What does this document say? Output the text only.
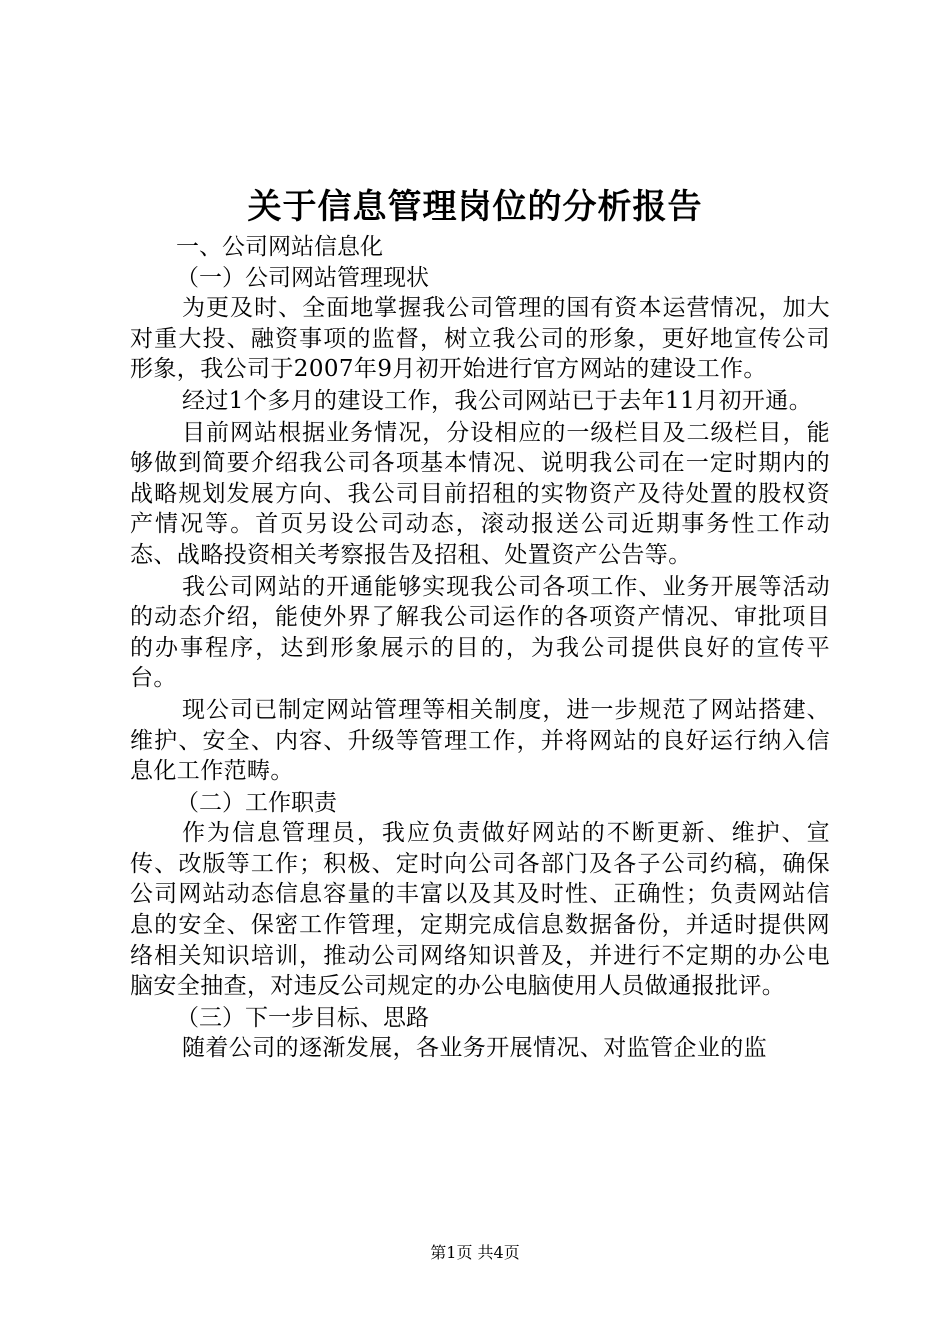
关于信息管理岗位的分析报告

一、公司网站信息化

（一）公司网站管理现状

为更及时、全面地掌握我公司管理的国有资本运营情况，加大对重大投、融资事项的监督，树立我公司的形象，更好地宣传公司形象，我公司于2007年9月初开始进行官方网站的建设工作。

经过1个多月的建设工作，我公司网站已于去年11月初开通。

目前网站根据业务情况，分设相应的一级栏目及二级栏目，能够做到简要介绍我公司各项基本情况、说明我公司在一定时期内的战略规划发展方向、我公司目前招租的实物资产及待处置的股权资产情况等。首页另设公司动态，滚动报送公司近期事务性工作动态、战略投资相关考察报告及招租、处置资产公告等。

我公司网站的开通能够实现我公司各项工作、业务开展等活动的动态介绍，能使外界了解我公司运作的各项资产情况、审批项目的办事程序，达到形象展示的目的，为我公司提供良好的宣传平台。

现公司已制定网站管理等相关制度，进一步规范了网站搭建、维护、安全、内容、升级等管理工作，并将网站的良好运行纳入信息化工作范畴。

（二）工作职责

作为信息管理员，我应负责做好网站的不断更新、维护、宣传、改版等工作；积极、定时向公司各部门及各子公司约稿，确保公司网站动态信息容量的丰富以及其及时性、正确性；负责网站信息的安全、保密工作管理，定期完成信息数据备份，并适时提供网络相关知识培训，推动公司网络知识普及，并进行不定期的办公电脑安全抽查，对违反公司规定的办公电脑使用人员做通报批评。

（三）下一步目标、思路

随着公司的逐渐发展，各业务开展情况、对监管企业的监

第1页 共4页
